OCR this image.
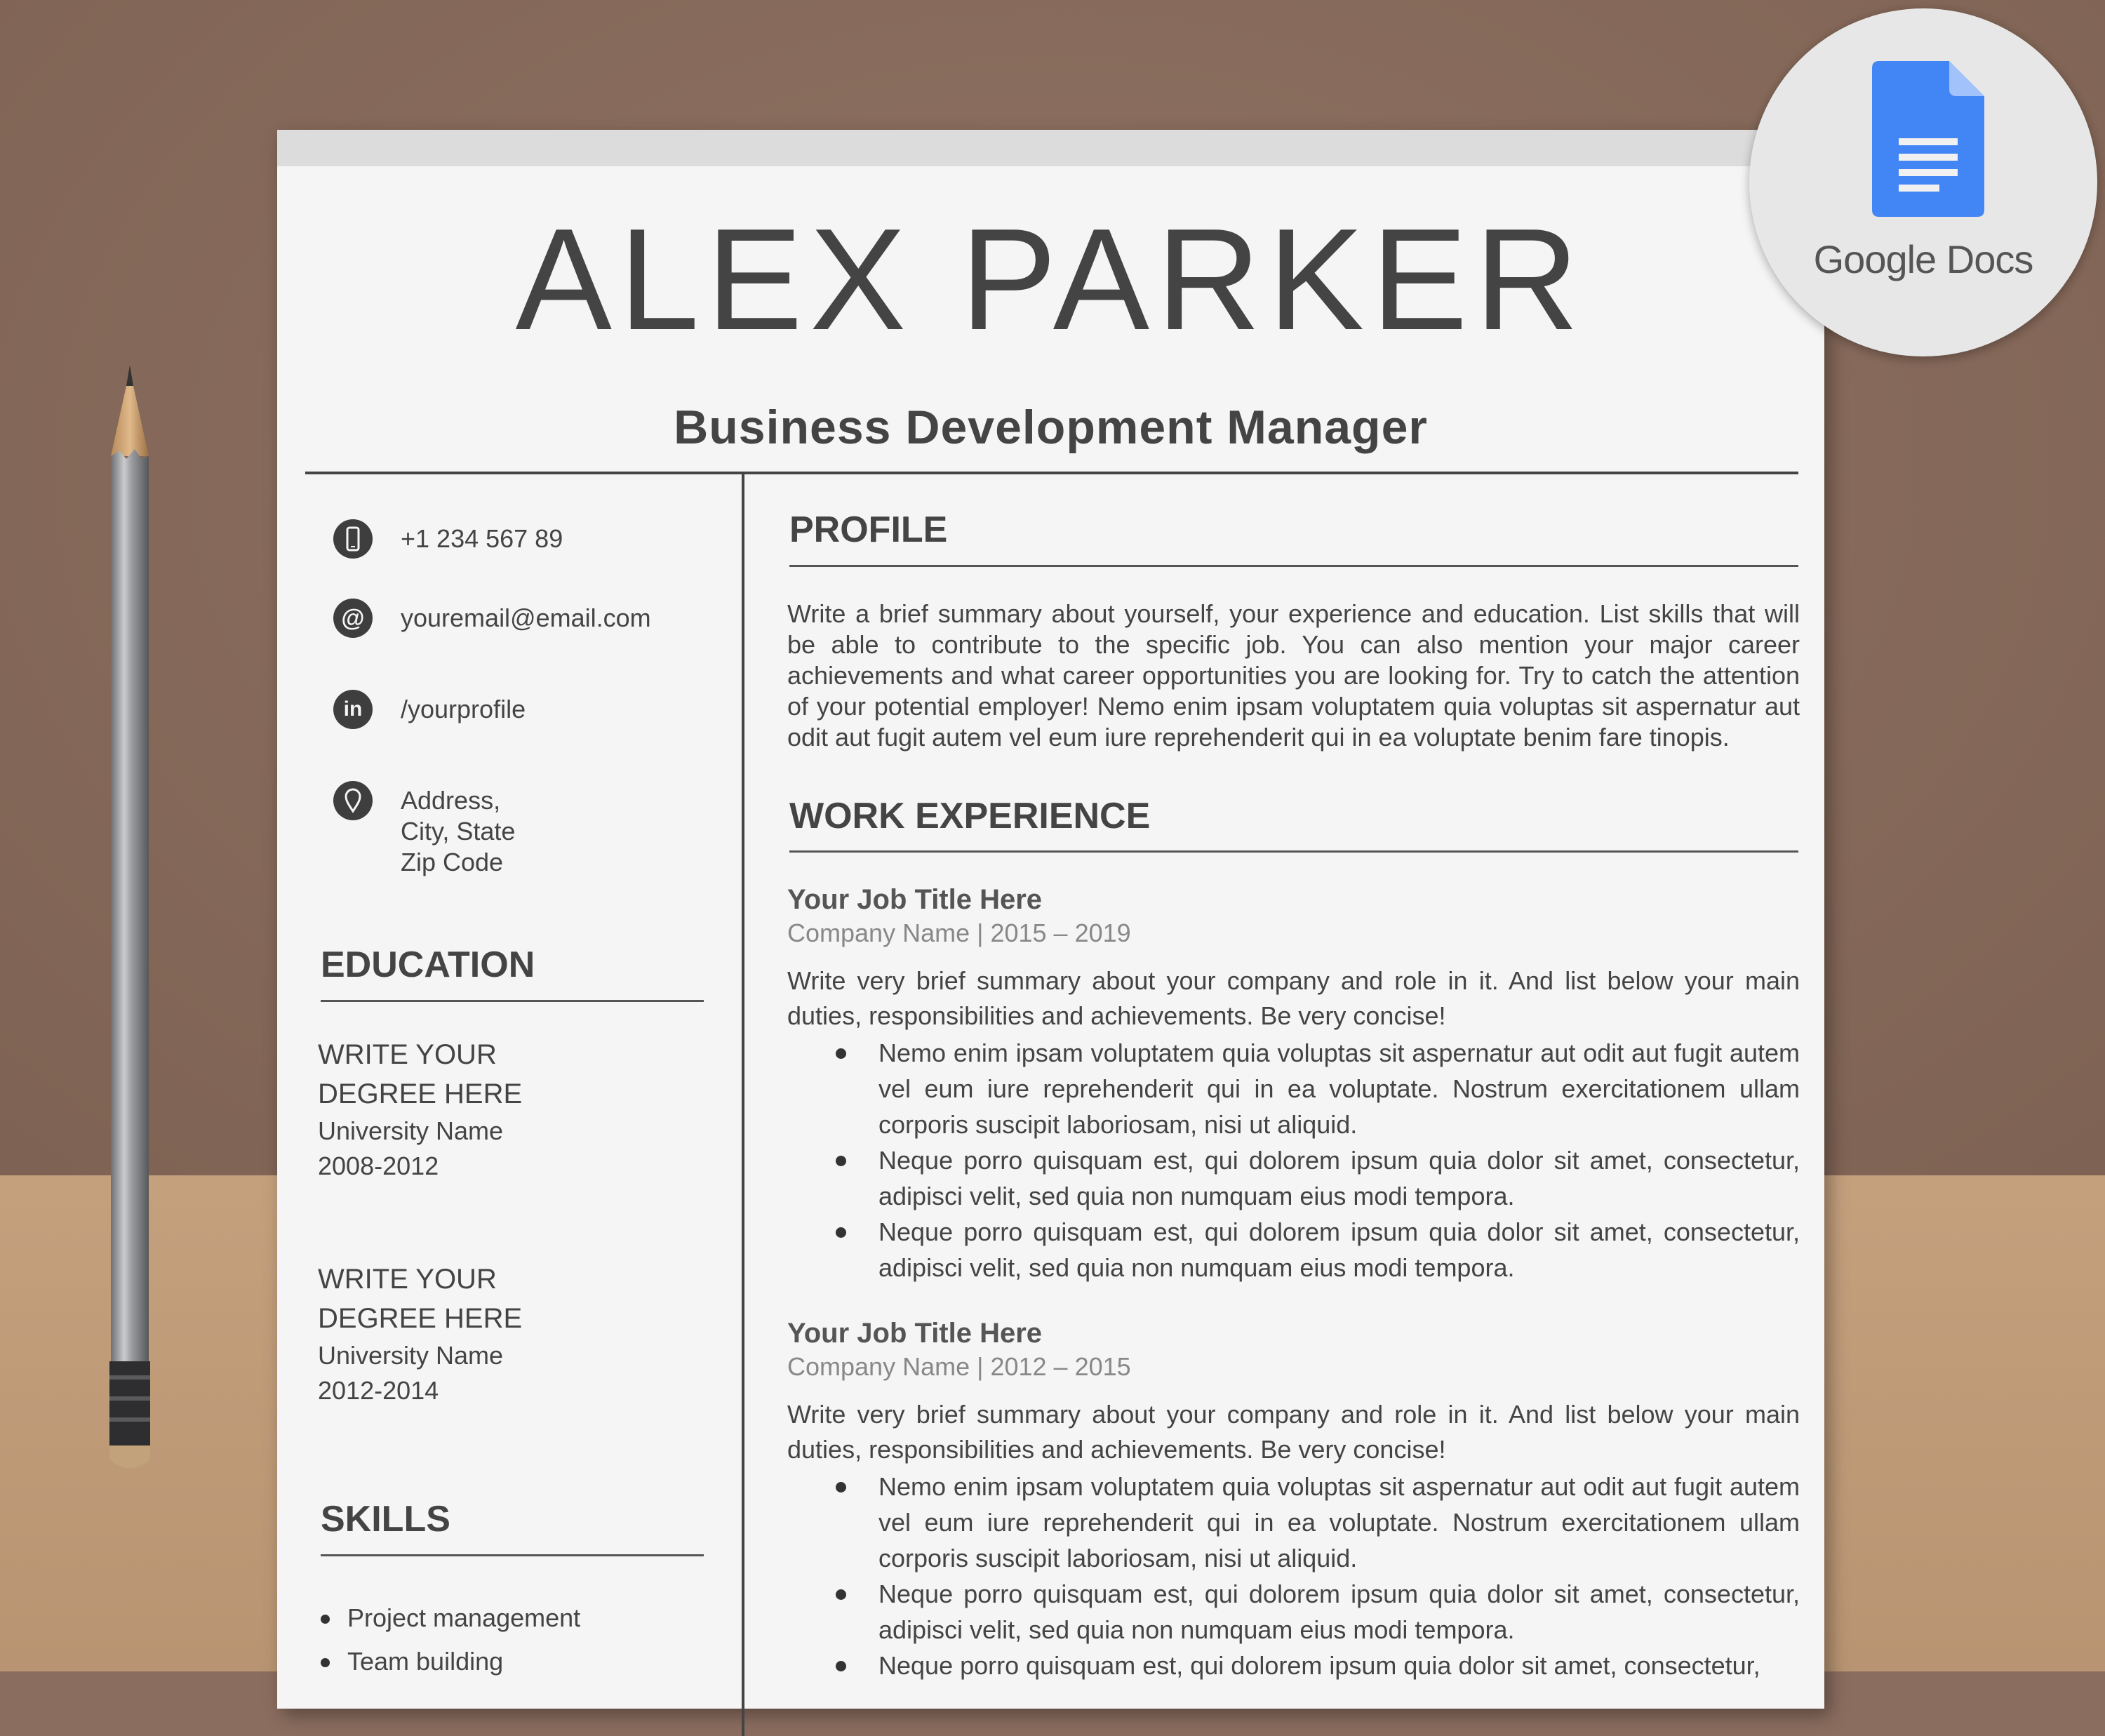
ALEX PARKER
Business Development Manager
+1 234 567 89
@	youremail@email.com
in	/yourprofile
Address,
City, State
Zip Code
EDUCATION
WRITE YOUR
DEGREE HERE
University Name
2008-2012
WRITE YOUR
DEGREE HERE
University Name
2012-2014
SKILLS
Project management
Team building
PROFILE
Write a brief summary about yourself, your experience and education. List skills that will be able to contribute to the specific job. You can also mention your major career achievements and what career opportunities you are looking for. Try to catch the attention of your potential employer! Nemo enim ipsam voluptatem quia voluptas sit aspernatur aut odit aut fugit autem vel eum iure reprehenderit qui in ea voluptate benim fare tinopis.
WORK EXPERIENCE
Your Job Title Here
Company Name | 2015 – 2019
Write very brief summary about your company and role in it. And list below your main duties, responsibilities and achievements. Be very concise!
Nemo enim ipsam voluptatem quia voluptas sit aspernatur aut odit aut fugit autem vel eum iure reprehenderit qui in ea voluptate. Nostrum exercitationem ullam corporis suscipit laboriosam, nisi ut aliquid.
Neque porro quisquam est, qui dolorem ipsum quia dolor sit amet, consectetur, adipisci velit, sed quia non numquam eius modi tempora.
Neque porro quisquam est, qui dolorem ipsum quia dolor sit amet, consectetur, adipisci velit, sed quia non numquam eius modi tempora.
Your Job Title Here
Company Name | 2012 – 2015
Write very brief summary about your company and role in it. And list below your main duties, responsibilities and achievements. Be very concise!
Nemo enim ipsam voluptatem quia voluptas sit aspernatur aut odit aut fugit autem vel eum iure reprehenderit qui in ea voluptate. Nostrum exercitationem ullam corporis suscipit laboriosam, nisi ut aliquid.
Neque porro quisquam est, qui dolorem ipsum quia dolor sit amet, consectetur, adipisci velit, sed quia non numquam eius modi tempora.
Neque porro quisquam est, qui dolorem ipsum quia dolor sit amet, consectetur,
Google Docs
